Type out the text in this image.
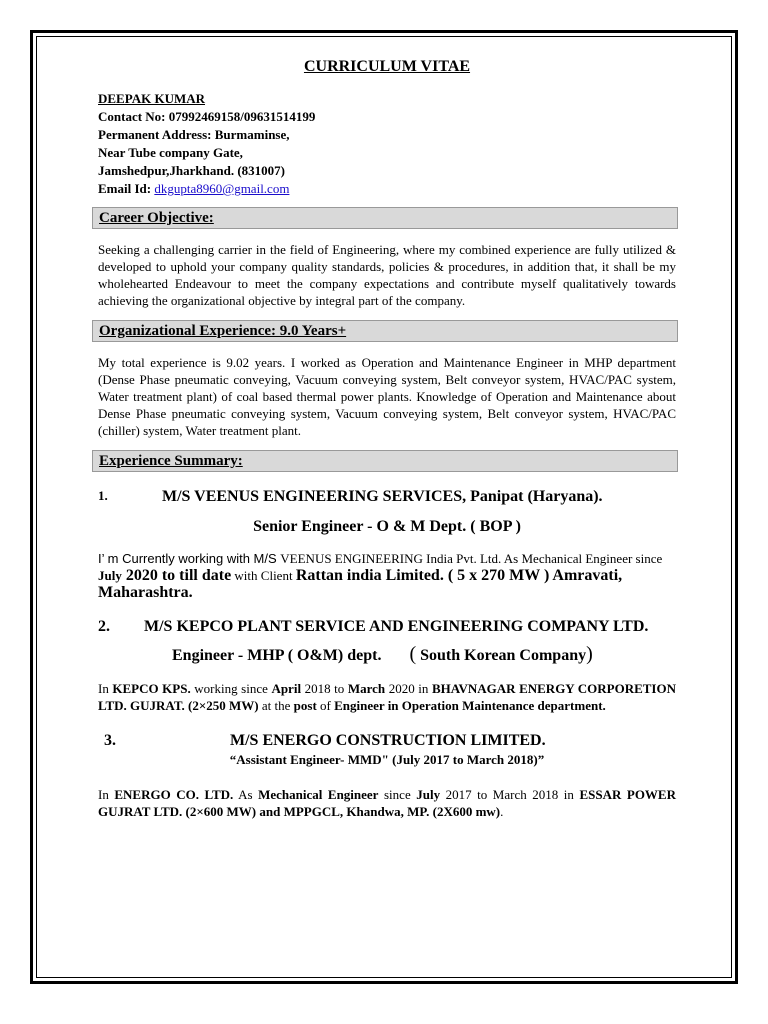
CURRICULUM VITAE
DEEPAK KUMAR
Contact No: 07992469158/09631514199
Permanent Address: Burmaminse,
Near Tube company Gate,
Jamshedpur,Jharkhand. (831007)
Email Id: dkgupta8960@gmail.com
Career Objective:
Seeking a challenging carrier in the field of Engineering, where my combined experience are fully utilized & developed to uphold your company quality standards, policies & procedures, in addition that, it shall be my wholehearted Endeavour to meet the company expectations and contribute myself qualitatively towards achieving the organizational objective by integral part of the company.
Organizational Experience: 9.0 Years+
My total experience is 9.02 years. I worked as Operation and Maintenance Engineer in MHP department (Dense Phase pneumatic conveying, Vacuum conveying system, Belt conveyor system, HVAC/PAC system, Water treatment plant) of coal based thermal power plants. Knowledge of Operation and Maintenance about Dense Phase pneumatic conveying system, Vacuum conveying system, Belt conveyor system, HVAC/PAC (chiller) system, Water treatment plant.
Experience Summary:
1.	M/S VEENUS ENGINEERING SERVICES, Panipat (Haryana).
Senior Engineer - O & M Dept. ( BOP )
I’ m Currently working with M/S VEENUS ENGINEERING India Pvt. Ltd. As Mechanical Engineer since July 2020 to till date with Client Rattan india Limited. ( 5 x 270 MW ) Amravati, Maharashtra.
2. M/S KEPCO PLANT SERVICE AND ENGINEERING COMPANY LTD.
Engineer - MHP ( O&M) dept. ( South Korean Company)
In KEPCO KPS. working since April 2018 to March 2020 in BHAVNAGAR ENERGY CORPORETION LTD. GUJRAT. (2×250 MW) at the post of Engineer in Operation Maintenance department.
3.	M/S ENERGO CONSTRUCTION LIMITED.
“Assistant Engineer- MMD" (July 2017 to March 2018)”
In ENERGO CO. LTD. As Mechanical Engineer since July 2017 to March 2018 in ESSAR POWER GUJRAT LTD. (2×600 MW) and MPPGCL, Khandwa, MP. (2X600 mw).
